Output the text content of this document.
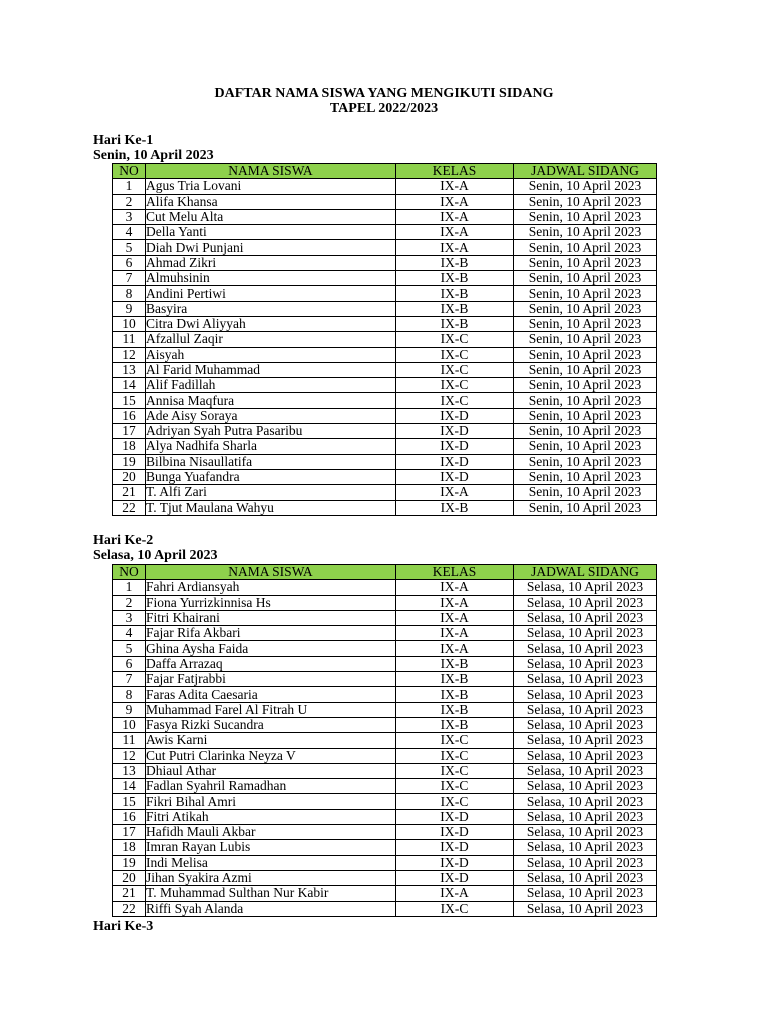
DAFTAR NAMA SISWA YANG MENGIKUTI SIDANG
TAPEL 2022/2023
Hari Ke-1
Senin, 10 April 2023
NO	NAMA SISWA	KELAS	JADWAL SIDANG
1	Agus Tria Lovani	IX-A	Senin, 10 April 2023
2	Alifa Khansa	IX-A	Senin, 10 April 2023
3	Cut Melu Alta	IX-A	Senin, 10 April 2023
4	Della Yanti	IX-A	Senin, 10 April 2023
5	Diah Dwi Punjani	IX-A	Senin, 10 April 2023
6	Ahmad Zikri	IX-B	Senin, 10 April 2023
7	Almuhsinin	IX-B	Senin, 10 April 2023
8	Andini Pertiwi	IX-B	Senin, 10 April 2023
9	Basyira	IX-B	Senin, 10 April 2023
10	Citra Dwi Aliyyah	IX-B	Senin, 10 April 2023
11	Afzallul Zaqir	IX-C	Senin, 10 April 2023
12	Aisyah	IX-C	Senin, 10 April 2023
13	Al Farid Muhammad	IX-C	Senin, 10 April 2023
14	Alif Fadillah	IX-C	Senin, 10 April 2023
15	Annisa Maqfura	IX-C	Senin, 10 April 2023
16	Ade Aisy Soraya	IX-D	Senin, 10 April 2023
17	Adriyan Syah Putra Pasaribu	IX-D	Senin, 10 April 2023
18	Alya Nadhifa Sharla	IX-D	Senin, 10 April 2023
19	Bilbina Nisaullatifa	IX-D	Senin, 10 April 2023
20	Bunga Yuafandra	IX-D	Senin, 10 April 2023
21	T. Alfi Zari	IX-A	Senin, 10 April 2023
22	T. Tjut Maulana Wahyu	IX-B	Senin, 10 April 2023
Hari Ke-2
Selasa, 10 April 2023
NO	NAMA SISWA	KELAS	JADWAL SIDANG
1	Fahri Ardiansyah	IX-A	Selasa, 10 April 2023
2	Fiona Yurrizkinnisa Hs	IX-A	Selasa, 10 April 2023
3	Fitri Khairani	IX-A	Selasa, 10 April 2023
4	Fajar Rifa Akbari	IX-A	Selasa, 10 April 2023
5	Ghina Aysha Faida	IX-A	Selasa, 10 April 2023
6	Daffa Arrazaq	IX-B	Selasa, 10 April 2023
7	Fajar Fatjrabbi	IX-B	Selasa, 10 April 2023
8	Faras Adita Caesaria	IX-B	Selasa, 10 April 2023
9	Muhammad Farel Al Fitrah U	IX-B	Selasa, 10 April 2023
10	Fasya Rizki Sucandra	IX-B	Selasa, 10 April 2023
11	Awis Karni	IX-C	Selasa, 10 April 2023
12	Cut Putri Clarinka Neyza V	IX-C	Selasa, 10 April 2023
13	Dhiaul Athar	IX-C	Selasa, 10 April 2023
14	Fadlan Syahril Ramadhan	IX-C	Selasa, 10 April 2023
15	Fikri Bihal Amri	IX-C	Selasa, 10 April 2023
16	Fitri Atikah	IX-D	Selasa, 10 April 2023
17	Hafidh Mauli Akbar	IX-D	Selasa, 10 April 2023
18	Imran Rayan Lubis	IX-D	Selasa, 10 April 2023
19	Indi Melisa	IX-D	Selasa, 10 April 2023
20	Jihan Syakira Azmi	IX-D	Selasa, 10 April 2023
21	T. Muhammad Sulthan Nur Kabir	IX-A	Selasa, 10 April 2023
22	Riffi Syah Alanda	IX-C	Selasa, 10 April 2023
Hari Ke-3
